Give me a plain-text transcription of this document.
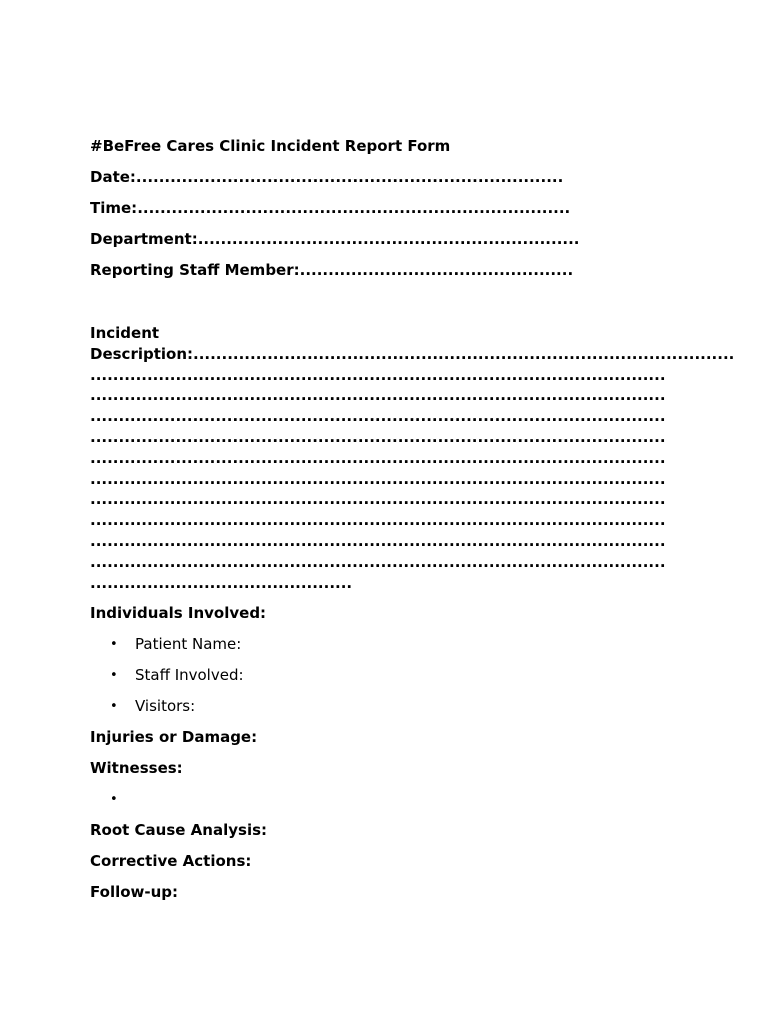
#BeFree Cares Clinic Incident Report Form
Date:...........................................................................
Time:............................................................................
Department:...................................................................
Reporting Staff Member:................................................
Incident
Description:...............................................................................................
.....................................................................................................
.....................................................................................................
.....................................................................................................
.....................................................................................................
.....................................................................................................
.....................................................................................................
.....................................................................................................
.....................................................................................................
.....................................................................................................
.....................................................................................................
..............................................
Individuals Involved:
• Patient Name:
• Staff Involved:
• Visitors:
Injuries or Damage:
Witnesses:
•

Root Cause Analysis:
Corrective Actions:
Follow-up:
